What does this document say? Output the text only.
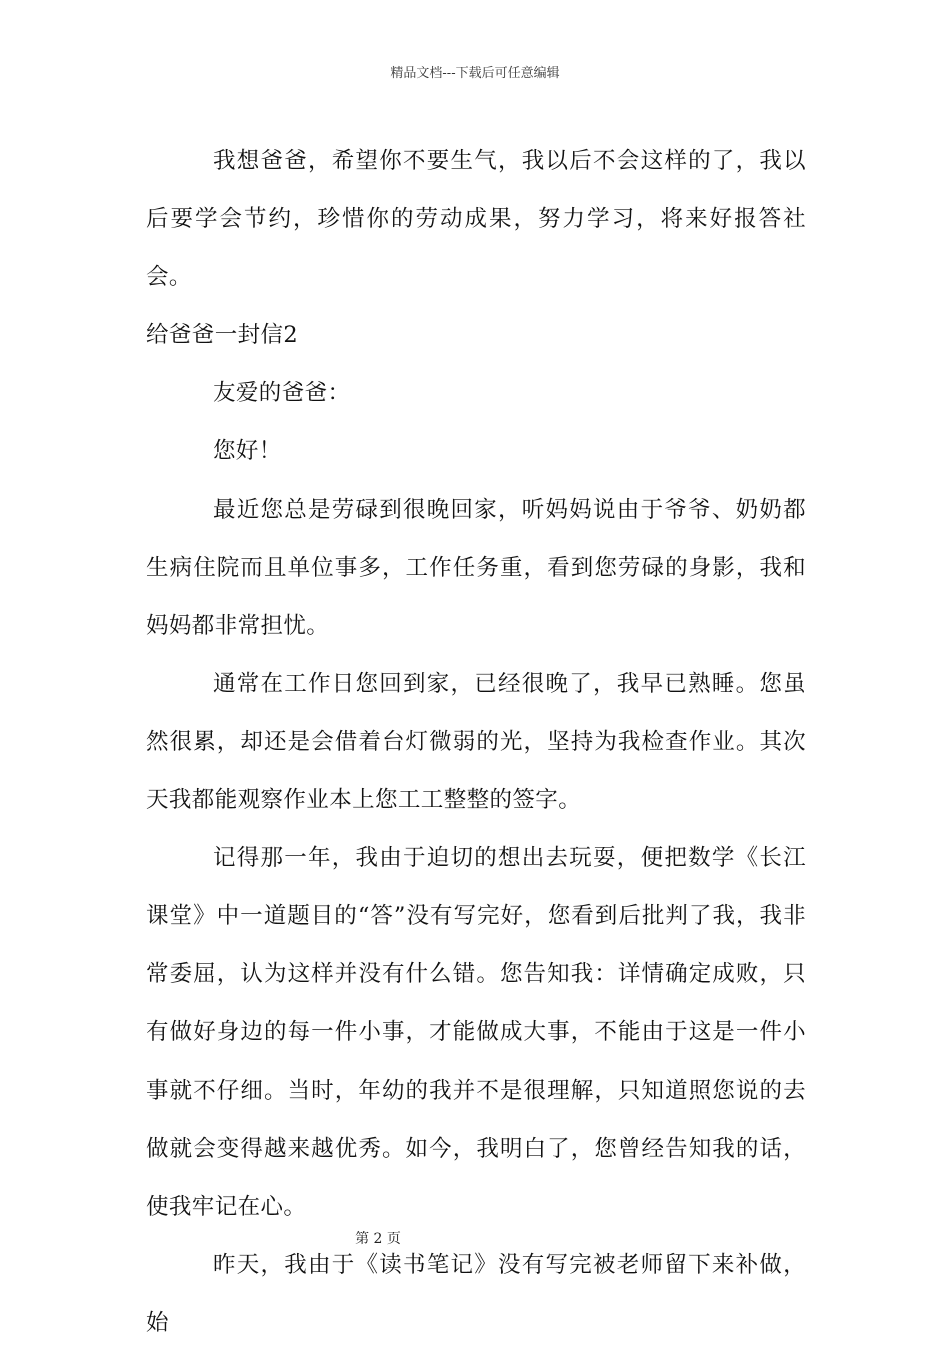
精品文档---下载后可任意编辑

我想爸爸，希望你不要生气，我以后不会这样的了，我以后要学会节约，珍惜你的劳动成果，努力学习，将来好报答社会。

给爸爸一封信2

友爱的爸爸：

您好！

最近您总是劳碌到很晚回家，听妈妈说由于爷爷、奶奶都生病住院而且单位事多，工作任务重，看到您劳碌的身影，我和妈妈都非常担忧。

通常在工作日您回到家，已经很晚了，我早已熟睡。您虽然很累，却还是会借着台灯微弱的光，坚持为我检查作业。其次天我都能观察作业本上您工工整整的签字。

记得那一年，我由于迫切的想出去玩耍，便把数学《长江课堂》中一道题目的“答”没有写完好，您看到后批判了我，我非常委屈，认为这样并没有什么错。您告知我：详情确定成败，只有做好身边的每一件小事，才能做成大事，不能由于这是一件小事就不仔细。当时，年幼的我并不是很理解，只知道照您说的去做就会变得越来越优秀。如今，我明白了，您曾经告知我的话，使我牢记在心。

昨天，我由于《读书笔记》没有写完被老师留下来补做，始

第 2 页
